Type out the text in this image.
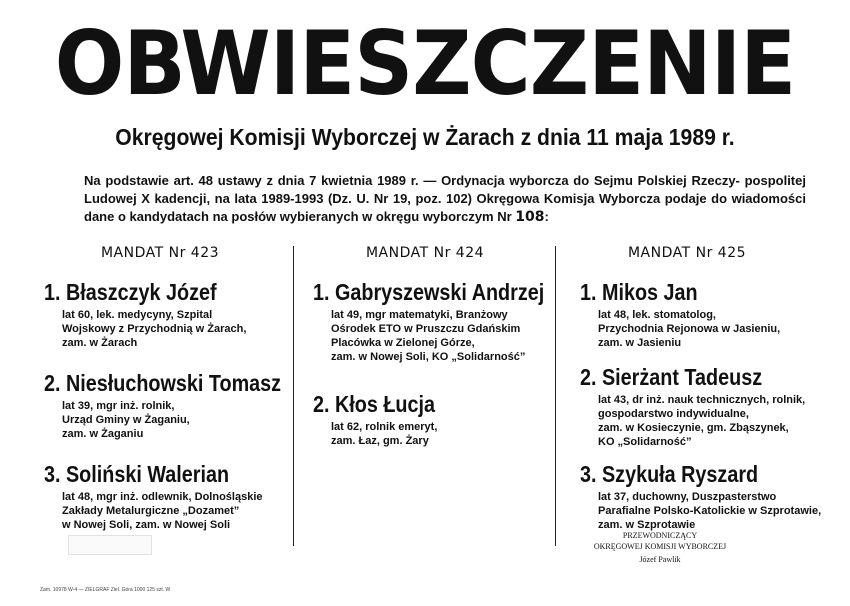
OBWIESZCZENIE
Okręgowej Komisji Wyborczej w Żarach z dnia 11 maja 1989 r.
Na podstawie art. 48 ustawy z dnia 7 kwietnia 1989 r. — Ordynacja wyborcza do Sejmu Polskiej Rzeczy- pospolitej Ludowej X kadencji, na lata 1989-1993 (Dz. U. Nr 19, poz. 102) Okręgowa Komisja Wyborcza podaje do wiadomości dane o kandydatach na posłów wybieranych w okręgu wyborczym Nr 108:
MANDAT Nr 423	MANDAT Nr 424	MANDAT Nr 425
1. Błaszczyk Józef
lat 60, lek. medycyny, Szpital
Wojskowy z Przychodnią w Żarach,
zam. w Żarach
2. Niesłuchowski Tomasz
lat 39, mgr inż. rolnik,
Urząd Gminy w Żaganiu,
zam. w Żaganiu
3. Soliński Walerian
lat 48, mgr inż. odlewnik, Dolnośląskie
Zakłady Metalurgiczne „Dozamet”
w Nowej Soli, zam. w Nowej Soli
1. Gabryszewski Andrzej
lat 49, mgr matematyki, Branżowy
Ośrodek ETO w Pruszczu Gdańskim
Placówka w Zielonej Górze,
zam. w Nowej Soli, KO „Solidarność”
2. Kłos Łucja
lat 62, rolnik emeryt,
zam. Łaz, gm. Żary
1. Mikos Jan
lat 48, lek. stomatolog,
Przychodnia Rejonowa w Jasieniu,
zam. w Jasieniu
2. Sierżant Tadeusz
lat 43, dr inż. nauk technicznych, rolnik,
gospodarstwo indywidualne,
zam. w Kosieczynie, gm. Zbąszynek,
KO „Solidarność”
3. Szykuła Ryszard
lat 37, duchowny, Duszpasterstwo
Parafialne Polsko-Katolickie w Szprotawie,
zam. w Szprotawie
PRZEWODNICZĄCY
OKRĘGOWEJ KOMISJI WYBORCZEJ
Józef Pawlik
Zam. 10978 W-4 — ZIELGRAF Ziel. Góra 1000 125 szt. W
